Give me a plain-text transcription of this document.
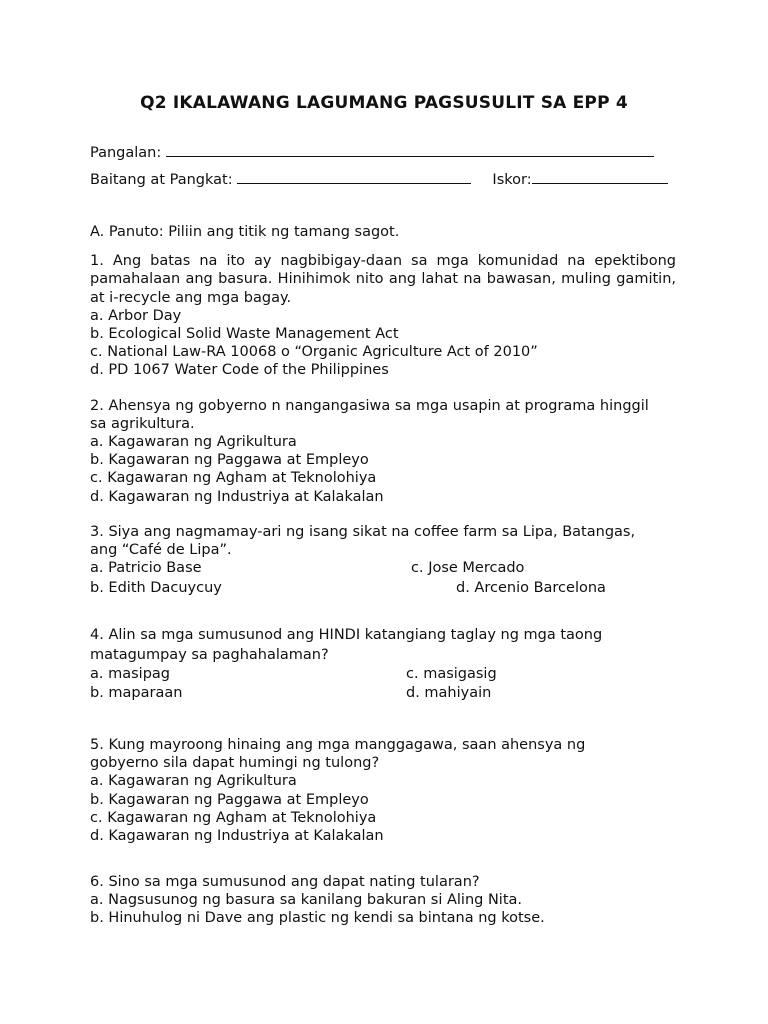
Q2 IKALAWANG LAGUMANG PAGSUSULIT SA EPP 4
Pangalan:
Baitang at Pangkat:	Iskor:
A. Panuto: Piliin ang titik ng tamang sagot.
1. Ang batas na ito ay nagbibigay-daan sa mga komunidad na epektibong pamahalaan ang basura. Hinihimok nito ang lahat na bawasan, muling gamitin, at i-recycle ang mga bagay.
a. Arbor Day
b. Ecological Solid Waste Management Act
c. National Law-RA 10068 o “Organic Agriculture Act of 2010”
d. PD 1067 Water Code of the Philippines
2. Ahensya ng gobyerno n nangangasiwa sa mga usapin at programa hinggil
sa agrikultura.
a. Kagawaran ng Agrikultura
b. Kagawaran ng Paggawa at Empleyo
c. Kagawaran ng Agham at Teknolohiya
d. Kagawaran ng Industriya at Kalakalan
3. Siya ang nagmamay-ari ng isang sikat na coffee farm sa Lipa, Batangas,
ang “Café de Lipa”.
a. Patricio Base	c. Jose Mercado
b. Edith Dacuycuy	d. Arcenio Barcelona
4. Alin sa mga sumusunod ang HINDI katangiang taglay ng mga taong
matagumpay sa paghahalaman?
a. masipag	c. masigasig
b. maparaan	d. mahiyain
5. Kung mayroong hinaing ang mga manggagawa, saan ahensya ng
gobyerno sila dapat humingi ng tulong?
a. Kagawaran ng Agrikultura
b. Kagawaran ng Paggawa at Empleyo
c. Kagawaran ng Agham at Teknolohiya
d. Kagawaran ng Industriya at Kalakalan
6. Sino sa mga sumusunod ang dapat nating tularan?
a. Nagsusunog ng basura sa kanilang bakuran si Aling Nita.
b. Hinuhulog ni Dave ang plastic ng kendi sa bintana ng kotse.
